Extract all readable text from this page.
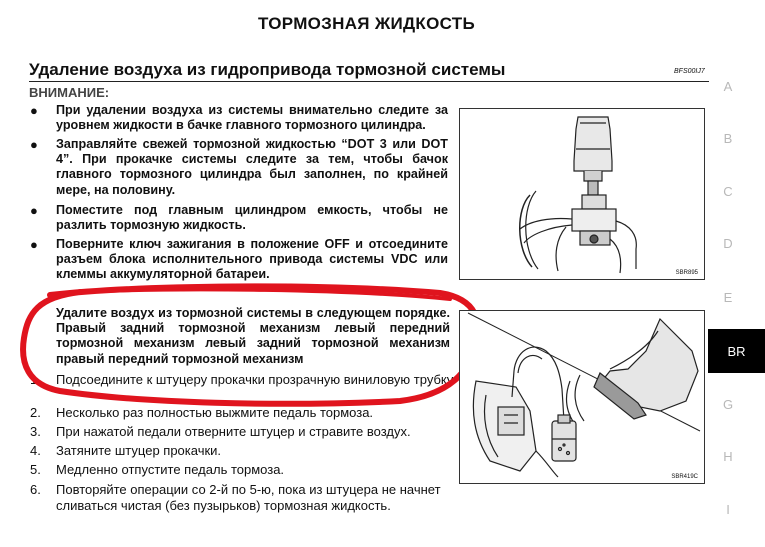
ТОРМОЗНАЯ ЖИДКОСТЬ
Удаление воздуха из гидропривода тормозной системы	BFS00IJ7
ВНИМАНИЕ:
● При удалении воздуха из системы внимательно следите за уровнем жидкости в бачке главного тормозного цилиндра.
● Заправляйте свежей тормозной жидкостью “DOT 3 или DOT 4”. При прокачке системы следите за тем, чтобы бачок главного тормозного цилиндра был заполнен, по крайней мере, на половину.
● Поместите под главным цилиндром емкость, чтобы не разлить тормозную жидкость.
● Поверните ключ зажигания в положение OFF и отсоедините разъем блока исполнительного привода системы VDC или клеммы аккумуляторной батареи.
Удалите воздух из тормозной системы в следующем порядке. Правый задний тормозной механизм левый передний тормозной механизм левый задний тормозной механизм правый передний тормозной механизм
1. Подсоедините к штуцеру прокачки прозрачную виниловую трубку.
2. Несколько раз полностью выжмите педаль тормоза.
3. При нажатой педали отверните штуцер и стравите воздух.
4. Затяните штуцер прокачки.
5. Медленно отпустите педаль тормоза.
6. Повторяйте операции со 2-й по 5-ю, пока из штуцера не начнет сливаться чистая (без пузырьков) тормозная жидкость.
SBR895
SBR419C
A
B
C
D
E
BR
G
H
I
